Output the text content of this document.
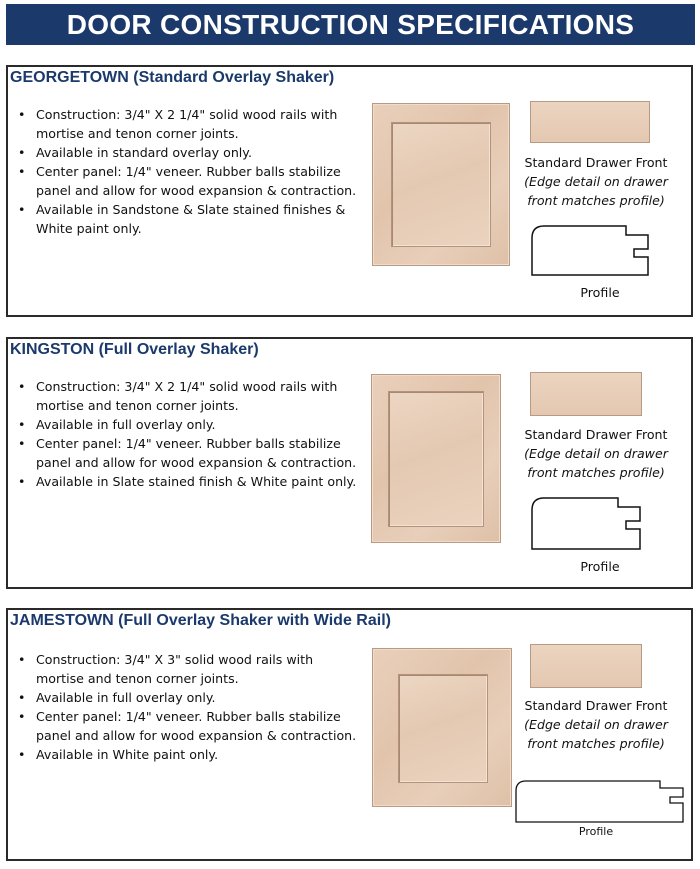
DOOR CONSTRUCTION SPECIFICATIONS
GEORGETOWN (Standard Overlay Shaker)
• Construction: 3/4" X 2 1/4" solid wood rails with mortise and tenon corner joints.
• Available in standard overlay only.
• Center panel: 1/4" veneer. Rubber balls stabilize panel and allow for wood expansion & contraction.
• Available in Sandstone & Slate stained finishes & White paint only.
Standard Drawer Front
(Edge detail on drawer
front matches profile)
Profile
KINGSTON (Full Overlay Shaker)
• Construction: 3/4" X 2 1/4" solid wood rails with mortise and tenon corner joints.
• Available in full overlay only.
• Center panel: 1/4" veneer. Rubber balls stabilize panel and allow for wood expansion & contraction.
• Available in Slate stained finish & White paint only.
Standard Drawer Front
(Edge detail on drawer
front matches profile)
Profile
JAMESTOWN (Full Overlay Shaker with Wide Rail)
• Construction: 3/4" X 3" solid wood rails with mortise and tenon corner joints.
• Available in full overlay only.
• Center panel: 1/4" veneer. Rubber balls stabilize panel and allow for wood expansion & contraction.
• Available in White paint only.
Standard Drawer Front
(Edge detail on drawer
front matches profile)
Profile
